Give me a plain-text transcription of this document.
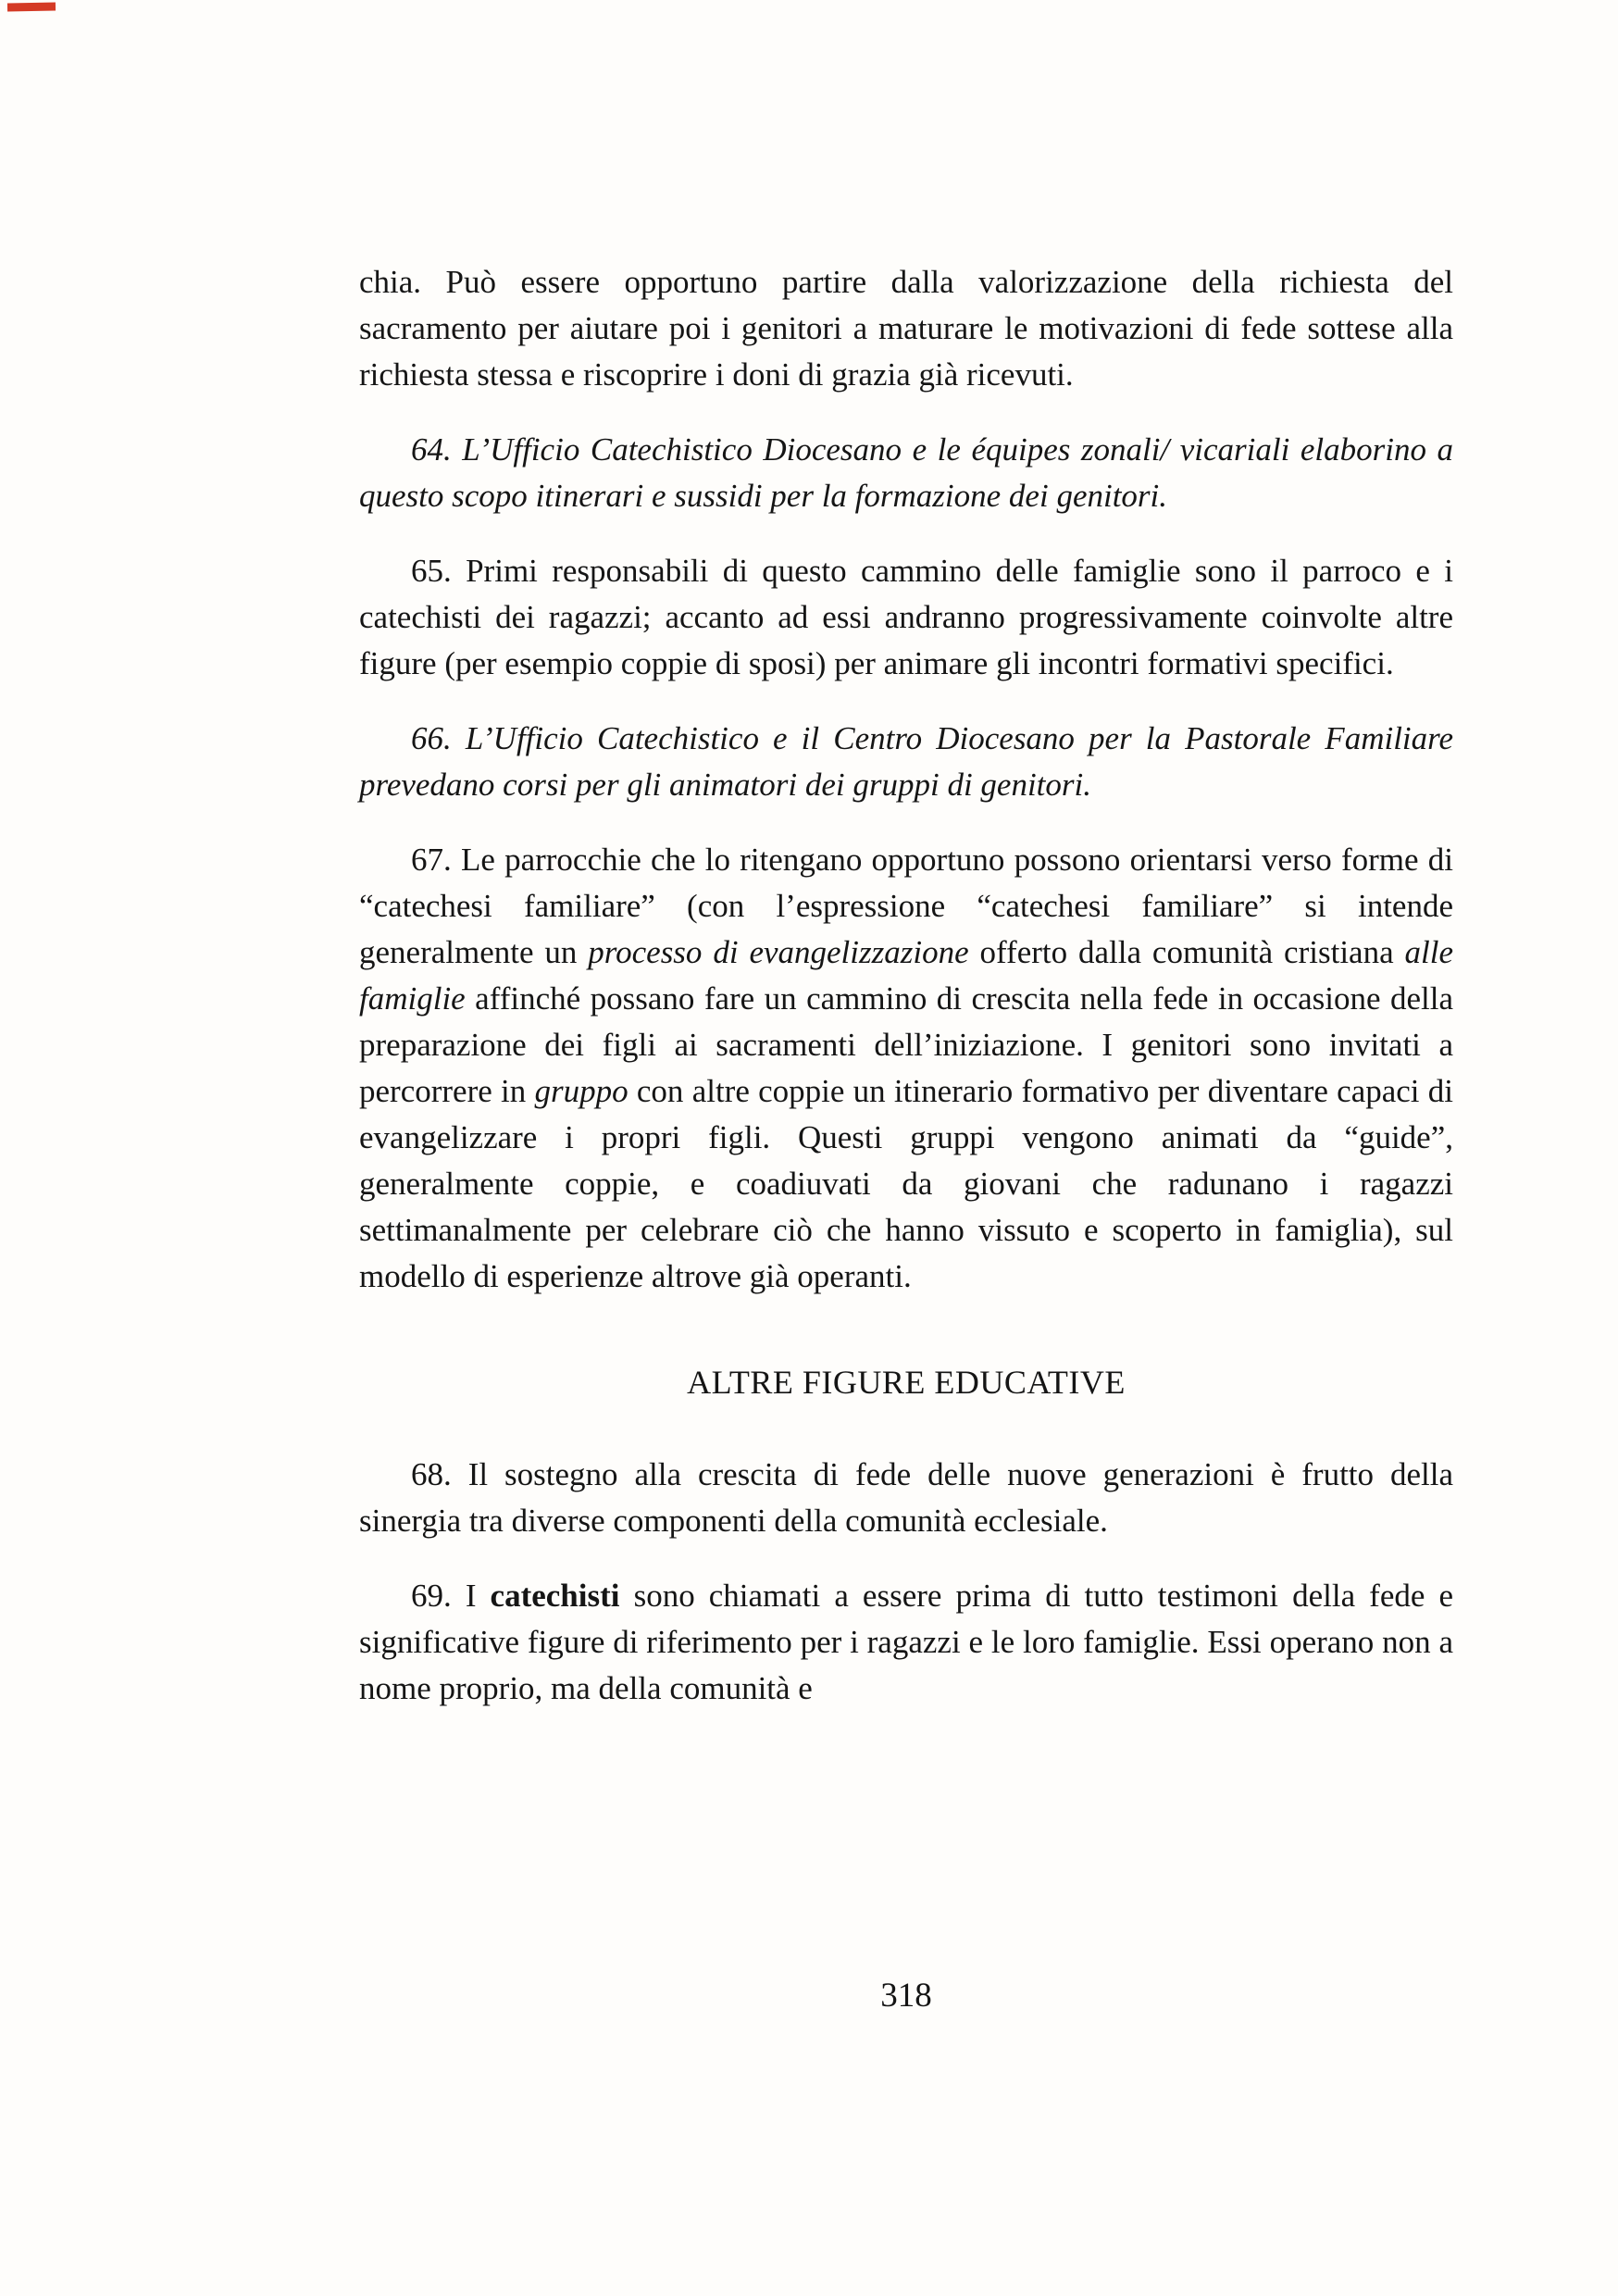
chia. Può essere opportuno partire dalla valorizzazione della richiesta del sacramento per aiutare poi i genitori a maturare le motivazioni di fede sottese alla richiesta stessa e riscoprire i doni di grazia già ricevuti.

64. L’Ufficio Catechistico Diocesano e le équipes zonali/ vicariali elaborino a questo scopo itinerari e sussidi per la formazione dei genitori.

65. Primi responsabili di questo cammino delle famiglie sono il parroco e i catechisti dei ragazzi; accanto ad essi andranno progressivamente coinvolte altre figure (per esempio coppie di sposi) per animare gli incontri formativi specifici.

66. L’Ufficio Catechistico e il Centro Diocesano per la Pastorale Familiare prevedano corsi per gli animatori dei gruppi di genitori.

67. Le parrocchie che lo ritengano opportuno possono orientarsi verso forme di “catechesi familiare” (con l’espressione “catechesi familiare” si intende generalmente un processo di evangelizzazione offerto dalla comunità cristiana alle famiglie affinché possano fare un cammino di crescita nella fede in occasione della preparazione dei figli ai sacramenti dell’iniziazione. I genitori sono invitati a percorrere in gruppo con altre coppie un itinerario formativo per diventare capaci di evangelizzare i propri figli. Questi gruppi vengono animati da “guide”, generalmente coppie, e coadiuvati da giovani che radunano i ragazzi settimanalmente per celebrare ciò che hanno vissuto e scoperto in famiglia), sul modello di esperienze altrove già operanti.

ALTRE FIGURE EDUCATIVE

68. Il sostegno alla crescita di fede delle nuove generazioni è frutto della sinergia tra diverse componenti della comunità ecclesiale.

69. I catechisti sono chiamati a essere prima di tutto testimoni della fede e significative figure di riferimento per i ragazzi e le loro famiglie. Essi operano non a nome proprio, ma della comunità e

318
